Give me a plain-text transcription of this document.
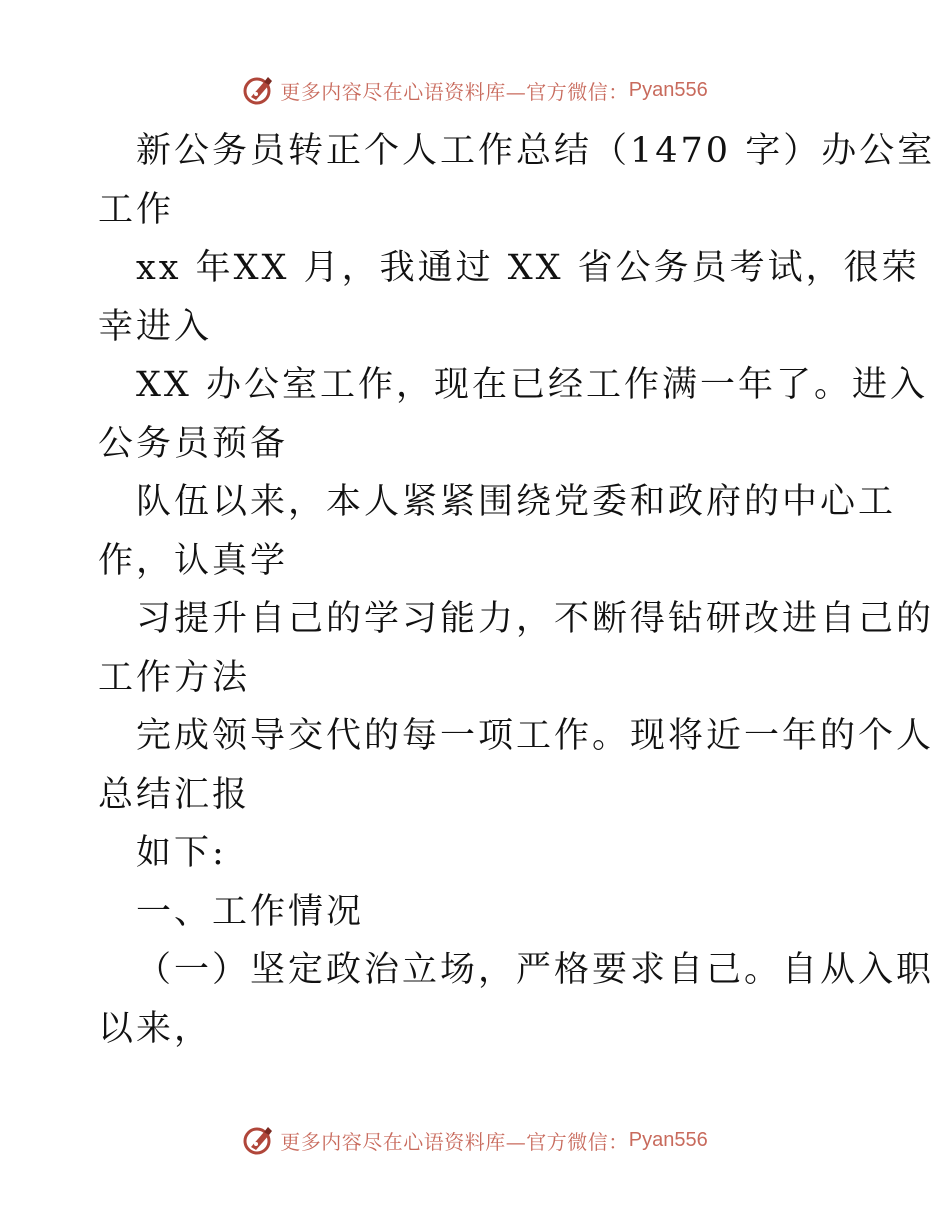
更多内容尽在心语资料库—官方微信： Pyan556
新公务员转正个人工作总结（1470 字）办公室
工作
xx 年XX 月，我通过 XX 省公务员考试，很荣
幸进入
XX 办公室工作，现在已经工作满一年了。进入
公务员预备
队伍以来，本人紧紧围绕党委和政府的中心工
作，认真学
习提升自己的学习能力，不断得钻研改进自己的
工作方法
完成领导交代的每一项工作。现将近一年的个人
总结汇报
如下:
一、工作情况
（一）坚定政治立场，严格要求自己。自从入职
以来，
更多内容尽在心语资料库—官方微信： Pyan556
